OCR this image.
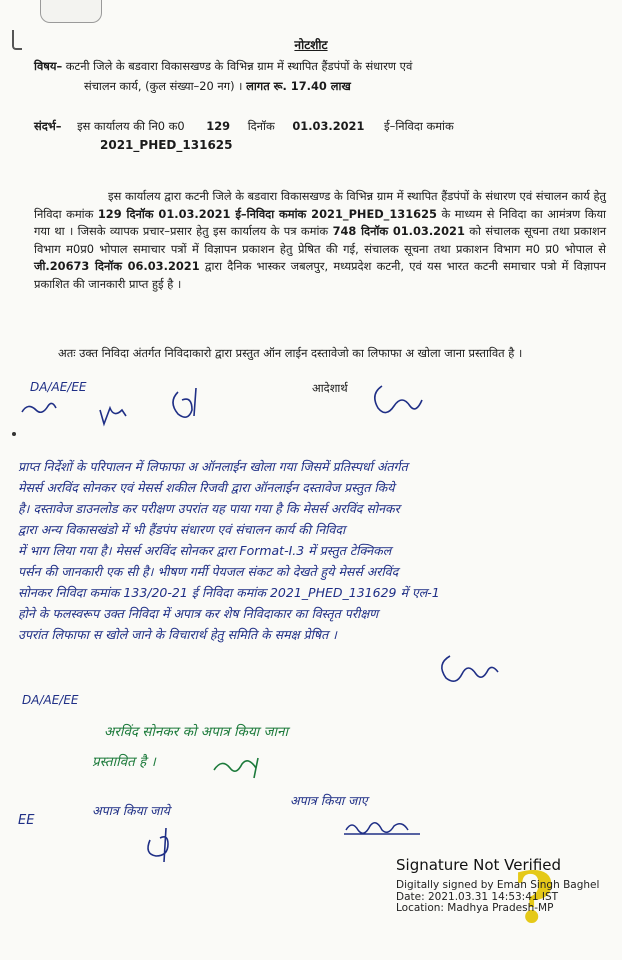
नोटशीट
विषय– कटनी जिले के बडवारा विकासखण्ड के विभिन्न ग्राम में स्थापित हैंडपंपों के संधारण एवं
संचालन कार्य, (कुल संख्या–20 नग) । लागत रू. 17.40 लाख
संदर्भ– इस कार्यालय की नि0 क0 129 दिनॉक 01.03.2021 ई–निविदा कमांक
2021_PHED_131625
इस कार्यालय द्वारा कटनी जिले के बडवारा विकासखण्ड के विभिन्न ग्राम में स्थापित हैंडपंपों के संधारण एवं संचालन कार्य हेतु निविदा कमांक 129 दिनॉक 01.03.2021 ई–निविदा कमांक 2021_PHED_131625 के माध्यम से निविदा का आमंत्रण किया गया था । जिसके व्यापक प्रचार–प्रसार हेतु इस कार्यालय के पत्र कमांक 748 दिनॉक 01.03.2021 को संचालक सूचना तथा प्रकाशन विभाग म0प्र0 भोपाल समाचार पत्रों में विज्ञापन प्रकाशन हेतु प्रेषित की गई, संचालक सूचना तथा प्रकाशन विभाग म0 प्र0 भोपाल से जी.20673 दिनॉक 06.03.2021 द्वारा दैनिक भास्कर जबलपुर, मध्यप्रदेश कटनी, एवं यस भारत कटनी समाचार पत्रो में विज्ञापन प्रकाशित की जानकारी प्राप्त हुई है ।
अतः उक्त निविदा अंतर्गत निविदाकारो द्वारा प्रस्तुत ऑन लाईन दस्तावेजो का लिफाफा अ खोला जाना प्रस्तावित है ।
DA/AE/EE	आदेशार्थ
प्राप्त निर्देशों के परिपालन में लिफाफा अ ऑनलाईन खोला गया जिसमें प्रतिस्पर्धा अंतर्गत
मेसर्स अरविंद सोनकर एवं मेसर्स शकील रिजवी द्वारा ऑनलाईन दस्तावेज प्रस्तुत किये
है। दस्तावेज डाउनलोड कर परीक्षण उपरांत यह पाया गया है कि मेसर्स अरविंद सोनकर
द्वारा अन्य विकासखंडो में भी हैंडपंप संधारण एवं संचालन कार्य की निविदा
में भाग लिया गया है। मेसर्स अरविंद सोनकर द्वारा Format-I.3 में प्रस्तुत टेक्निकल
पर्सन की जानकारी एक सी है। भीषण गर्मी पेयजल संकट को देखते हुये मेसर्स अरविंद
सोनकर निविदा कमांक 133/20-21 ई निविदा कमांक 2021_PHED_131629 में एल-1
होने के फलस्वरूप उक्त निविदा में अपात्र कर शेष निविदाकार का विस्तृत परीक्षण
उपरांत लिफाफा स खोले जाने के विचारार्थ हेतु समिति के समक्ष प्रेषित ।
DA/AE/EE
अरविंद सोनकर को अपात्र किया जाना
प्रस्तावित है ।
EE
अपात्र किया जाये
अपात्र किया जाए
?
Signature Not Verified
Digitally signed by Eman Singh Baghel
Date: 2021.03.31 14:53:41 IST
Location: Madhya Pradesh-MP
